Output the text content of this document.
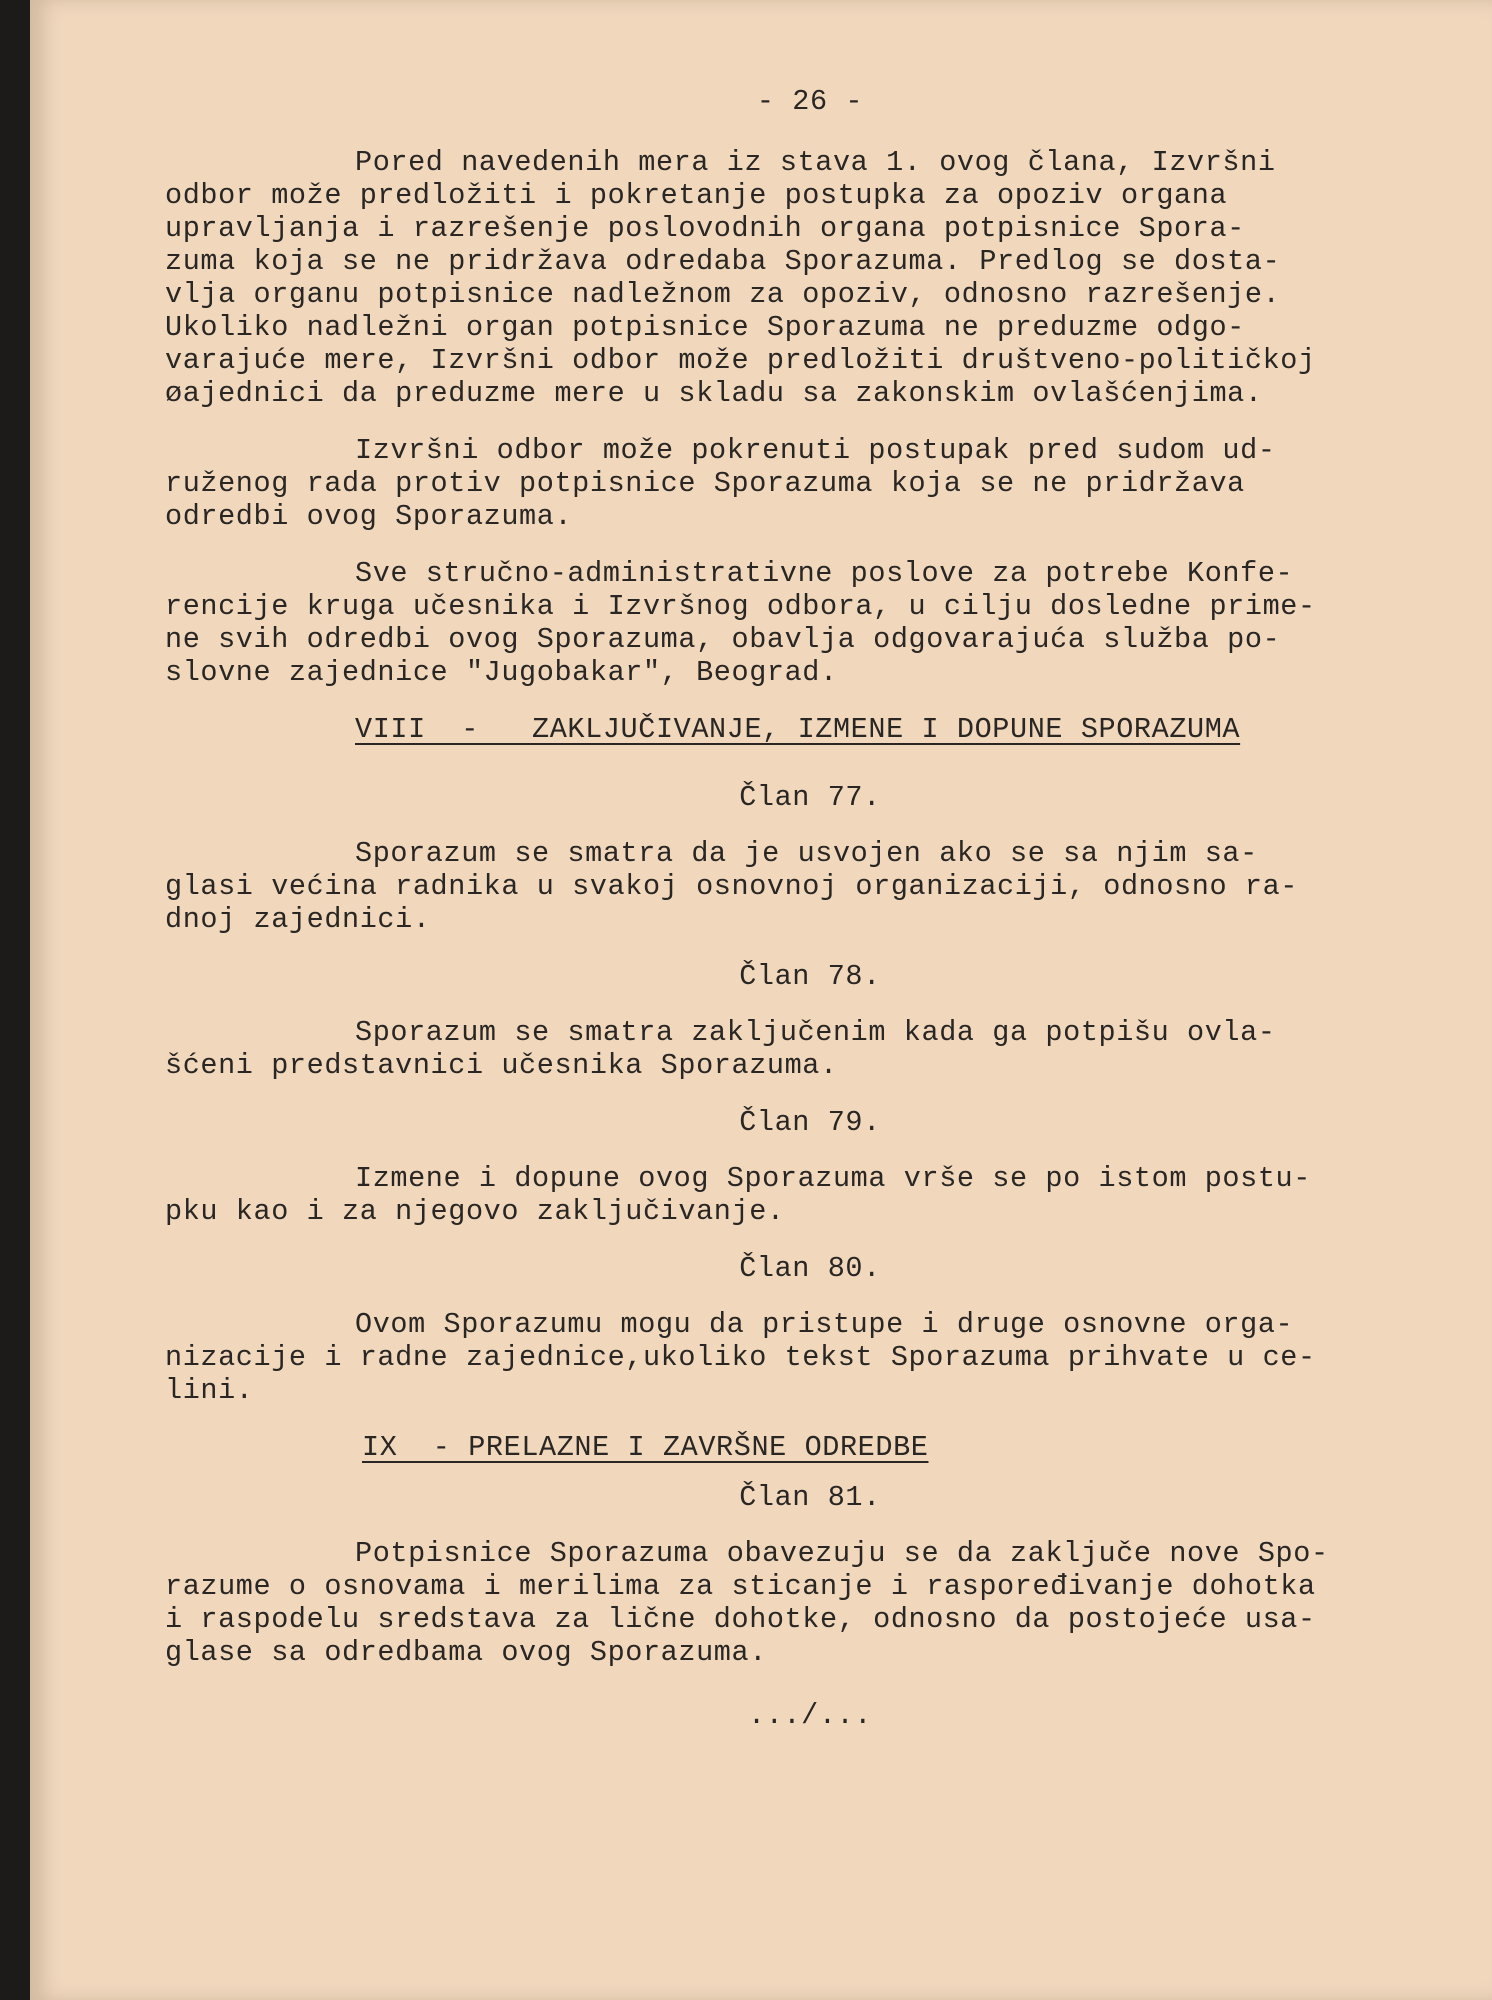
- 26 -
Pored navedenih mera iz stava 1. ovog člana, Izvršni
odbor može predložiti i pokretanje postupka za opoziv organa
upravljanja i razrešenje poslovodnih organa potpisnice Spora-
zuma koja se ne pridržava odredaba Sporazuma. Predlog se dosta-
vlja organu potpisnice nadležnom za opoziv, odnosno razrešenje.
Ukoliko nadležni organ potpisnice Sporazuma ne preduzme odgo-
varajuće mere, Izvršni odbor može predložiti društveno-političkoj
øajednici da preduzme mere u skladu sa zakonskim ovlašćenjima.
Izvršni odbor može pokrenuti postupak pred sudom ud-
ruženog rada protiv potpisnice Sporazuma koja se ne pridržava
odredbi ovog Sporazuma.
Sve stručno-administrativne poslove za potrebe Konfe-
rencije kruga učesnika i Izvršnog odbora, u cilju dosledne prime-
ne svih odredbi ovog Sporazuma, obavlja odgovarajuća služba po-
slovne zajednice "Jugobakar", Beograd.
VIII  -   ZAKLJUČIVANJE, IZMENE I DOPUNE SPORAZUMA
Član 77.
Sporazum se smatra da je usvojen ako se sa njim sa-
glasi većina radnika u svakoj osnovnoj organizaciji, odnosno ra-
dnoj zajednici.
Član 78.
Sporazum se smatra zaključenim kada ga potpišu ovla-
šćeni predstavnici učesnika Sporazuma.
Član 79.
Izmene i dopune ovog Sporazuma vrše se po istom postu-
pku kao i za njegovo zaključivanje.
Član 80.
Ovom Sporazumu mogu da pristupe i druge osnovne orga-
nizacije i radne zajednice,ukoliko tekst Sporazuma prihvate u ce-
lini.
IX  - PRELAZNE I ZAVRŠNE ODREDBE
Član 81.
Potpisnice Sporazuma obavezuju se da zaključe nove Spo-
razume o osnovama i merilima za sticanje i raspoređivanje dohotka
i raspodelu sredstava za lične dohotke, odnosno da postojeće usa-
glase sa odredbama ovog Sporazuma.
.../...
